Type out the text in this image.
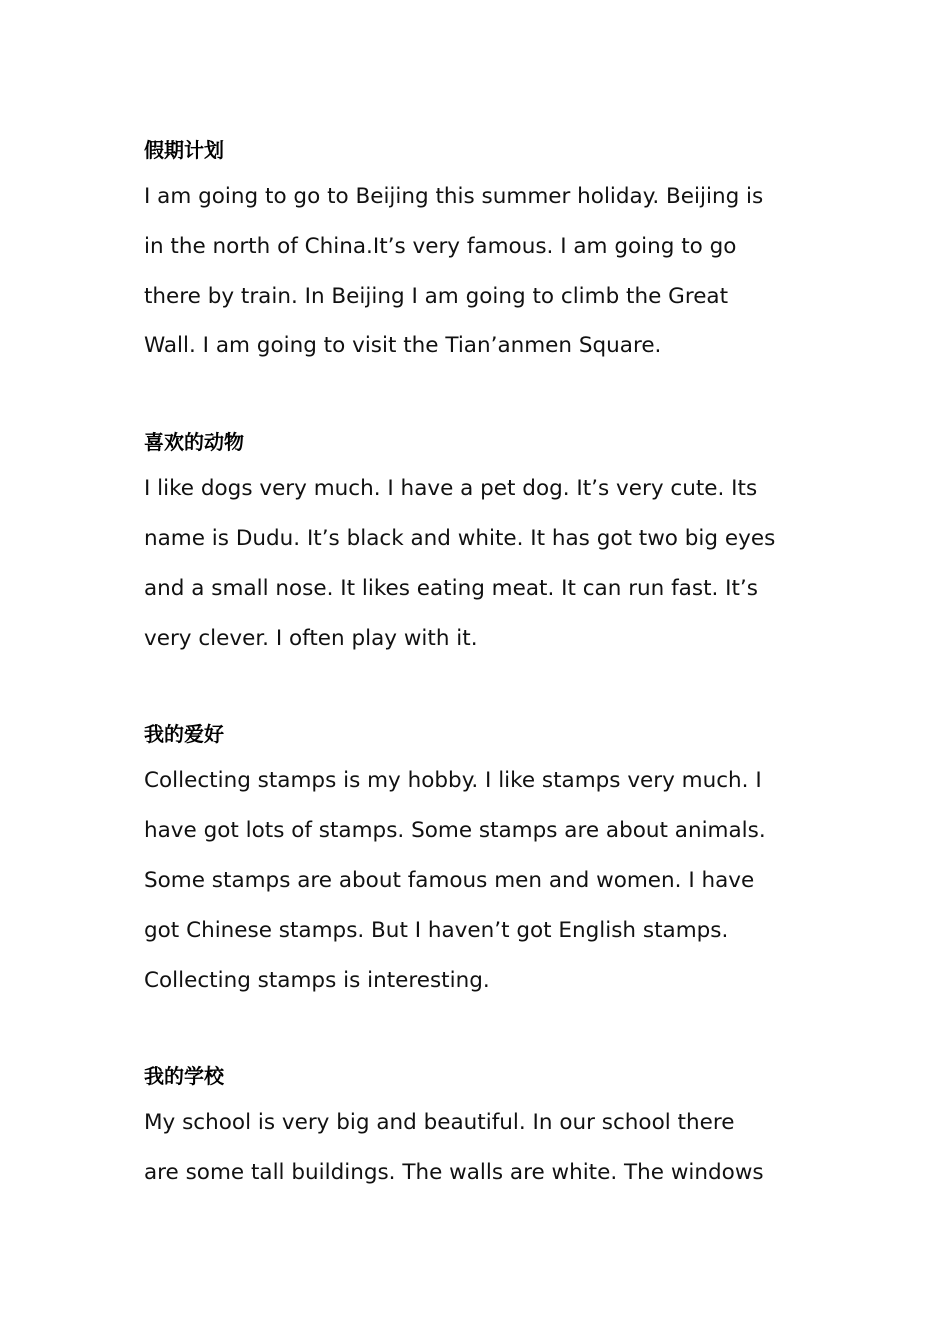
假期计划

I am going to go to Beijing this summer holiday. Beijing is

in the north of China.It’s very famous. I am going to go

there by train. In Beijing I am going to climb the Great

Wall. I am going to visit the Tian’anmen Square.

喜欢的动物

I like dogs very much. I have a pet dog. It’s very cute. Its

name is Dudu. It’s black and white. It has got two big eyes

and a small nose. It likes eating meat. It can run fast. It’s

very clever. I often play with it.

我的爱好

Collecting stamps is my hobby. I like stamps very much. I

have got lots of stamps. Some stamps are about animals.

Some stamps are about famous men and women. I have

got Chinese stamps. But I haven’t got English stamps.

Collecting stamps is interesting.

我的学校

My school is very big and beautiful. In our school there

are some tall buildings. The walls are white. The windows
